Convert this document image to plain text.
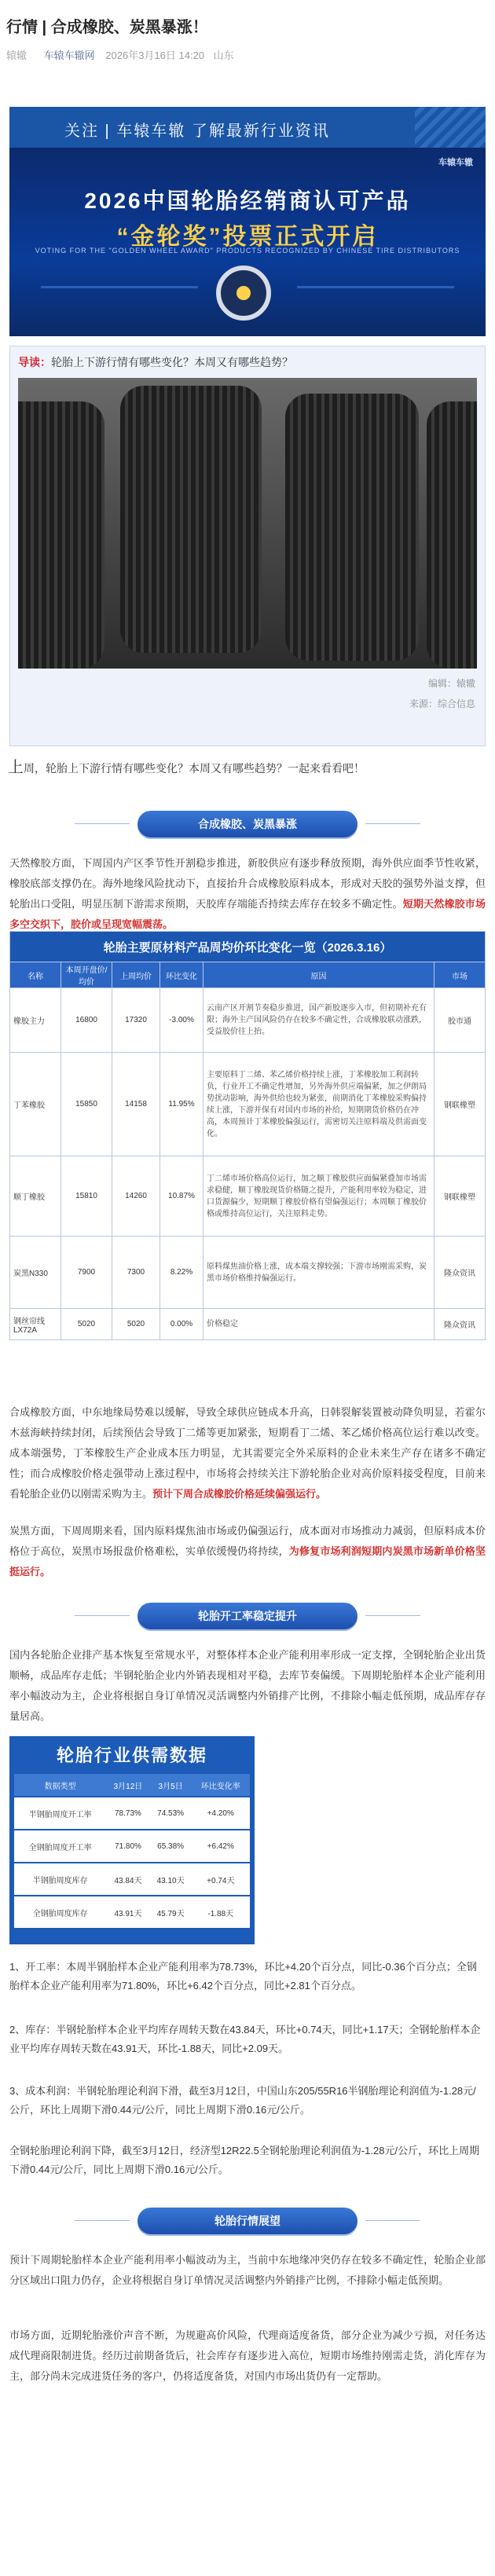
行情 | 合成橡胶、炭黑暴涨！
辕辙 车辕车辙网 2026年3月16日 14:20 山东
关注 | 车辕车辙 了解最新行业资讯
车辕车辙
2026中国轮胎经销商认可产品
“金轮奖”投票正式开启
VOTING FOR THE "GOLDEN WHEEL AWARD" PRODUCTS RECOGNIZED BY CHINESE TIRE DISTRIBUTORS
导读：轮胎上下游行情有哪些变化？本周又有哪些趋势？
编辑：辕辙
来源：综合信息
上周，轮胎上下游行情有哪些变化？本周又有哪些趋势？一起来看看吧！
合成橡胶、炭黑暴涨
天然橡胶方面，下周国内产区季节性开割稳步推进，新胶供应有逐步释放预期，海外供应面季节性收紧，橡胶底部支撑仍在。海外地缘风险扰动下，直接抬升合成橡胶原料成本，形成对天胶的强势外溢支撑，但轮胎出口受阻，明显压制下游需求预期，天胶库存端能否持续去库存在较多不确定性。短期天然橡胶市场多空交织下，胶价或呈现宽幅震荡。
轮胎主要原材料产品周均价环比变化一览（2026.3.16）					
名称	本周开盘价/均价	上周均价	环比变化	原因	市场
橡胶主力	16800	17320	-3.00%	云南产区开割节奏稳步推进，国产新胶逐步入市，但初期补充有限；海外主产国风险仍存在较多不确定性，合成橡胶联动涨跌，受益胶价往上抬。	胶市通
丁苯橡胶	15850	14158	11.95%	主要原料丁二烯、苯乙烯价格持续上涨，丁苯橡胶加工利润转负，行业开工不确定性增加，另外海外供应端偏紧，加之伊朗局势扰动影响，海外供给也较为紧张，前期消化丁苯橡胶采购偏持续上涨，下游并保有对国内市场的补给，短期期货价格仍在冲高，本周预计丁苯橡胶偏强运行，需密切关注原料端及供需面变化。	钢联橡塑
顺丁橡胶	15810	14260	10.87%	丁二烯市场价格高位运行，加之顺丁橡胶供应面偏紧叠加市场需求稳健，顺丁橡胶现货价格随之提升，产能利用率较为稳定，进口货源偏少，短期顺丁橡胶价格有望偏强运行；本周顺丁橡胶价格或维持高位运行，关注原料走势。	钢联橡塑
炭黑N330	7900	7300	8.22%	原料煤焦油价格上涨，成本端支撑较强；下游市场刚需采购，炭黑市场价格维持偏强运行。	隆众资讯
钢丝帘线LX72A	5020	5020	0.00%	价格稳定	隆众资讯
合成橡胶方面，中东地缘局势难以缓解，导致全球供应链成本升高，日韩裂解装置被动降负明显，若霍尔木兹海峡持续封闭，后续预估会导致丁二烯等更加紧张，短期看丁二烯、苯乙烯价格高位运行难以改变。成本端强势，丁苯橡胶生产企业成本压力明显，尤其需要完全外采原料的企业未来生产存在诸多不确定性；而合成橡胶价格走强带动上涨过程中，市场将会持续关注下游轮胎企业对高价原料接受程度，目前来看轮胎企业仍以刚需采购为主。预计下周合成橡胶价格延续偏强运行。
炭黑方面，下周周期来看，国内原料煤焦油市场或仍偏强运行，成本面对市场推动力减弱，但原料成本价格位于高位，炭黑市场报盘价格难松，实单依缓慢仍将持续，为修复市场利润短期内炭黑市场新单价格坚挺运行。
轮胎开工率稳定提升
国内各轮胎企业排产基本恢复至常规水平，对整体样本企业产能利用率形成一定支撑，全钢轮胎企业出货顺畅，成品库存走低；半钢轮胎企业内外销表现相对平稳，去库节奏偏缓。下周期轮胎样本企业产能利用率小幅波动为主，企业将根据自身订单情况灵活调整内外销排产比例，不排除小幅走低预期，成品库存存量居高。
轮胎行业供需数据
数据类型	3月12日	3月5日	环比变化率
半钢胎周度开工率	78.73%	74.53%	+4.20%
全钢胎周度开工率	71.80%	65.38%	+6.42%
半钢胎周度库存	43.84天	43.10天	+0.74天
全钢胎周度库存	43.91天	45.79天	-1.88天
1、开工率：本周半钢胎样本企业产能利用率为78.73%，环比+4.20个百分点，同比-0.36个百分点；全钢胎样本企业产能利用率为71.80%，环比+6.42个百分点，同比+2.81个百分点。
2、库存：半钢轮胎样本企业平均库存周转天数在43.84天，环比+0.74天，同比+1.17天；全钢轮胎样本企业平均库存周转天数在43.91天，环比-1.88天，同比+2.09天。
3、成本利润：半钢轮胎理论利润下滑，截至3月12日，中国山东205/55R16半钢胎理论利润值为-1.28元/公斤，环比上周期下滑0.44元/公斤，同比上周期下滑0.16元/公斤。
全钢轮胎理论利润下降，截至3月12日，经济型12R22.5全钢轮胎理论利润值为-1.28元/公斤，环比上周期下滑0.44元/公斤，同比上周期下滑0.16元/公斤。
轮胎行情展望
预计下周期轮胎样本企业产能利用率小幅波动为主，当前中东地缘冲突仍存在较多不确定性，轮胎企业部分区域出口阻力仍存，企业将根据自身订单情况灵活调整内外销排产比例，不排除小幅走低预期。
市场方面，近期轮胎涨价声音不断，为规避高价风险，代理商适度备货，部分企业为减少亏损，对任务达成代理商限制进货。经历过前期备货后，社会库存有逐步进入高位，短期市场维持刚需走货，消化库存为主，部分尚未完成进货任务的客户，仍将适度备货，对国内市场出货仍有一定帮助。
